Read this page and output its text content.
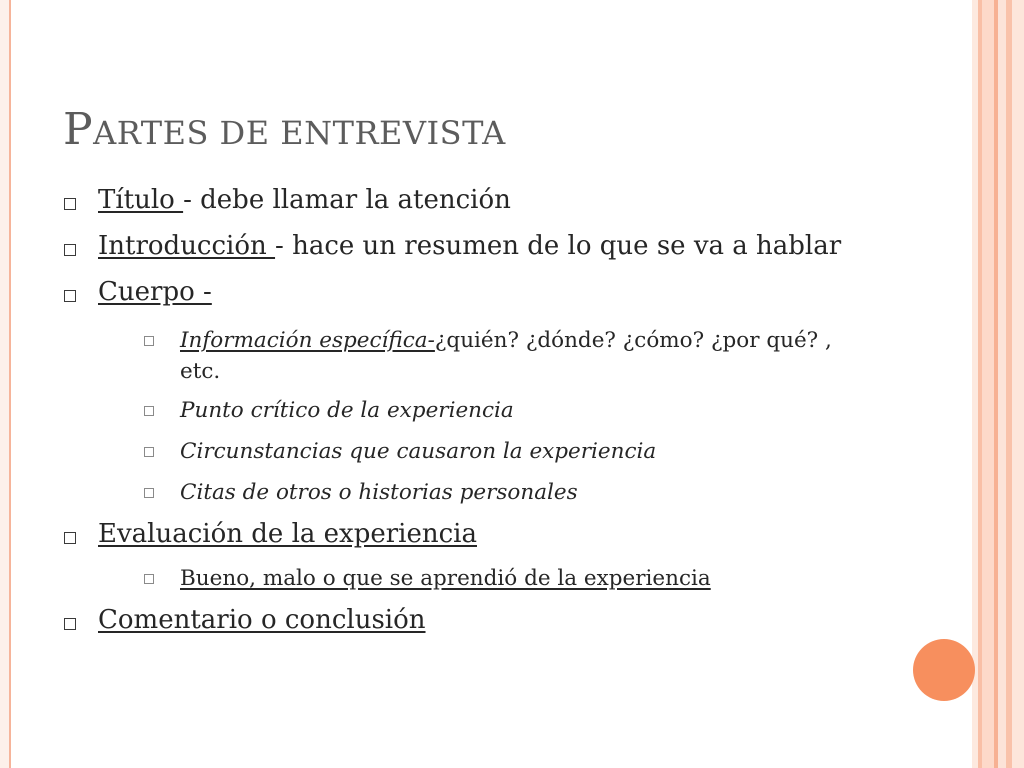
PARTES DE ENTREVISTA
Título - debe llamar la atención
Introducción - hace un resumen de lo que se va a hablar
Cuerpo -
Información específica-¿quién? ¿dónde? ¿cómo? ¿por qué? ,
etc.
Punto crítico de la experiencia
Circunstancias que causaron la experiencia
Citas de otros o historias personales
Evaluación de la experiencia
Bueno, malo o que se aprendió de la experiencia
Comentario o conclusión
